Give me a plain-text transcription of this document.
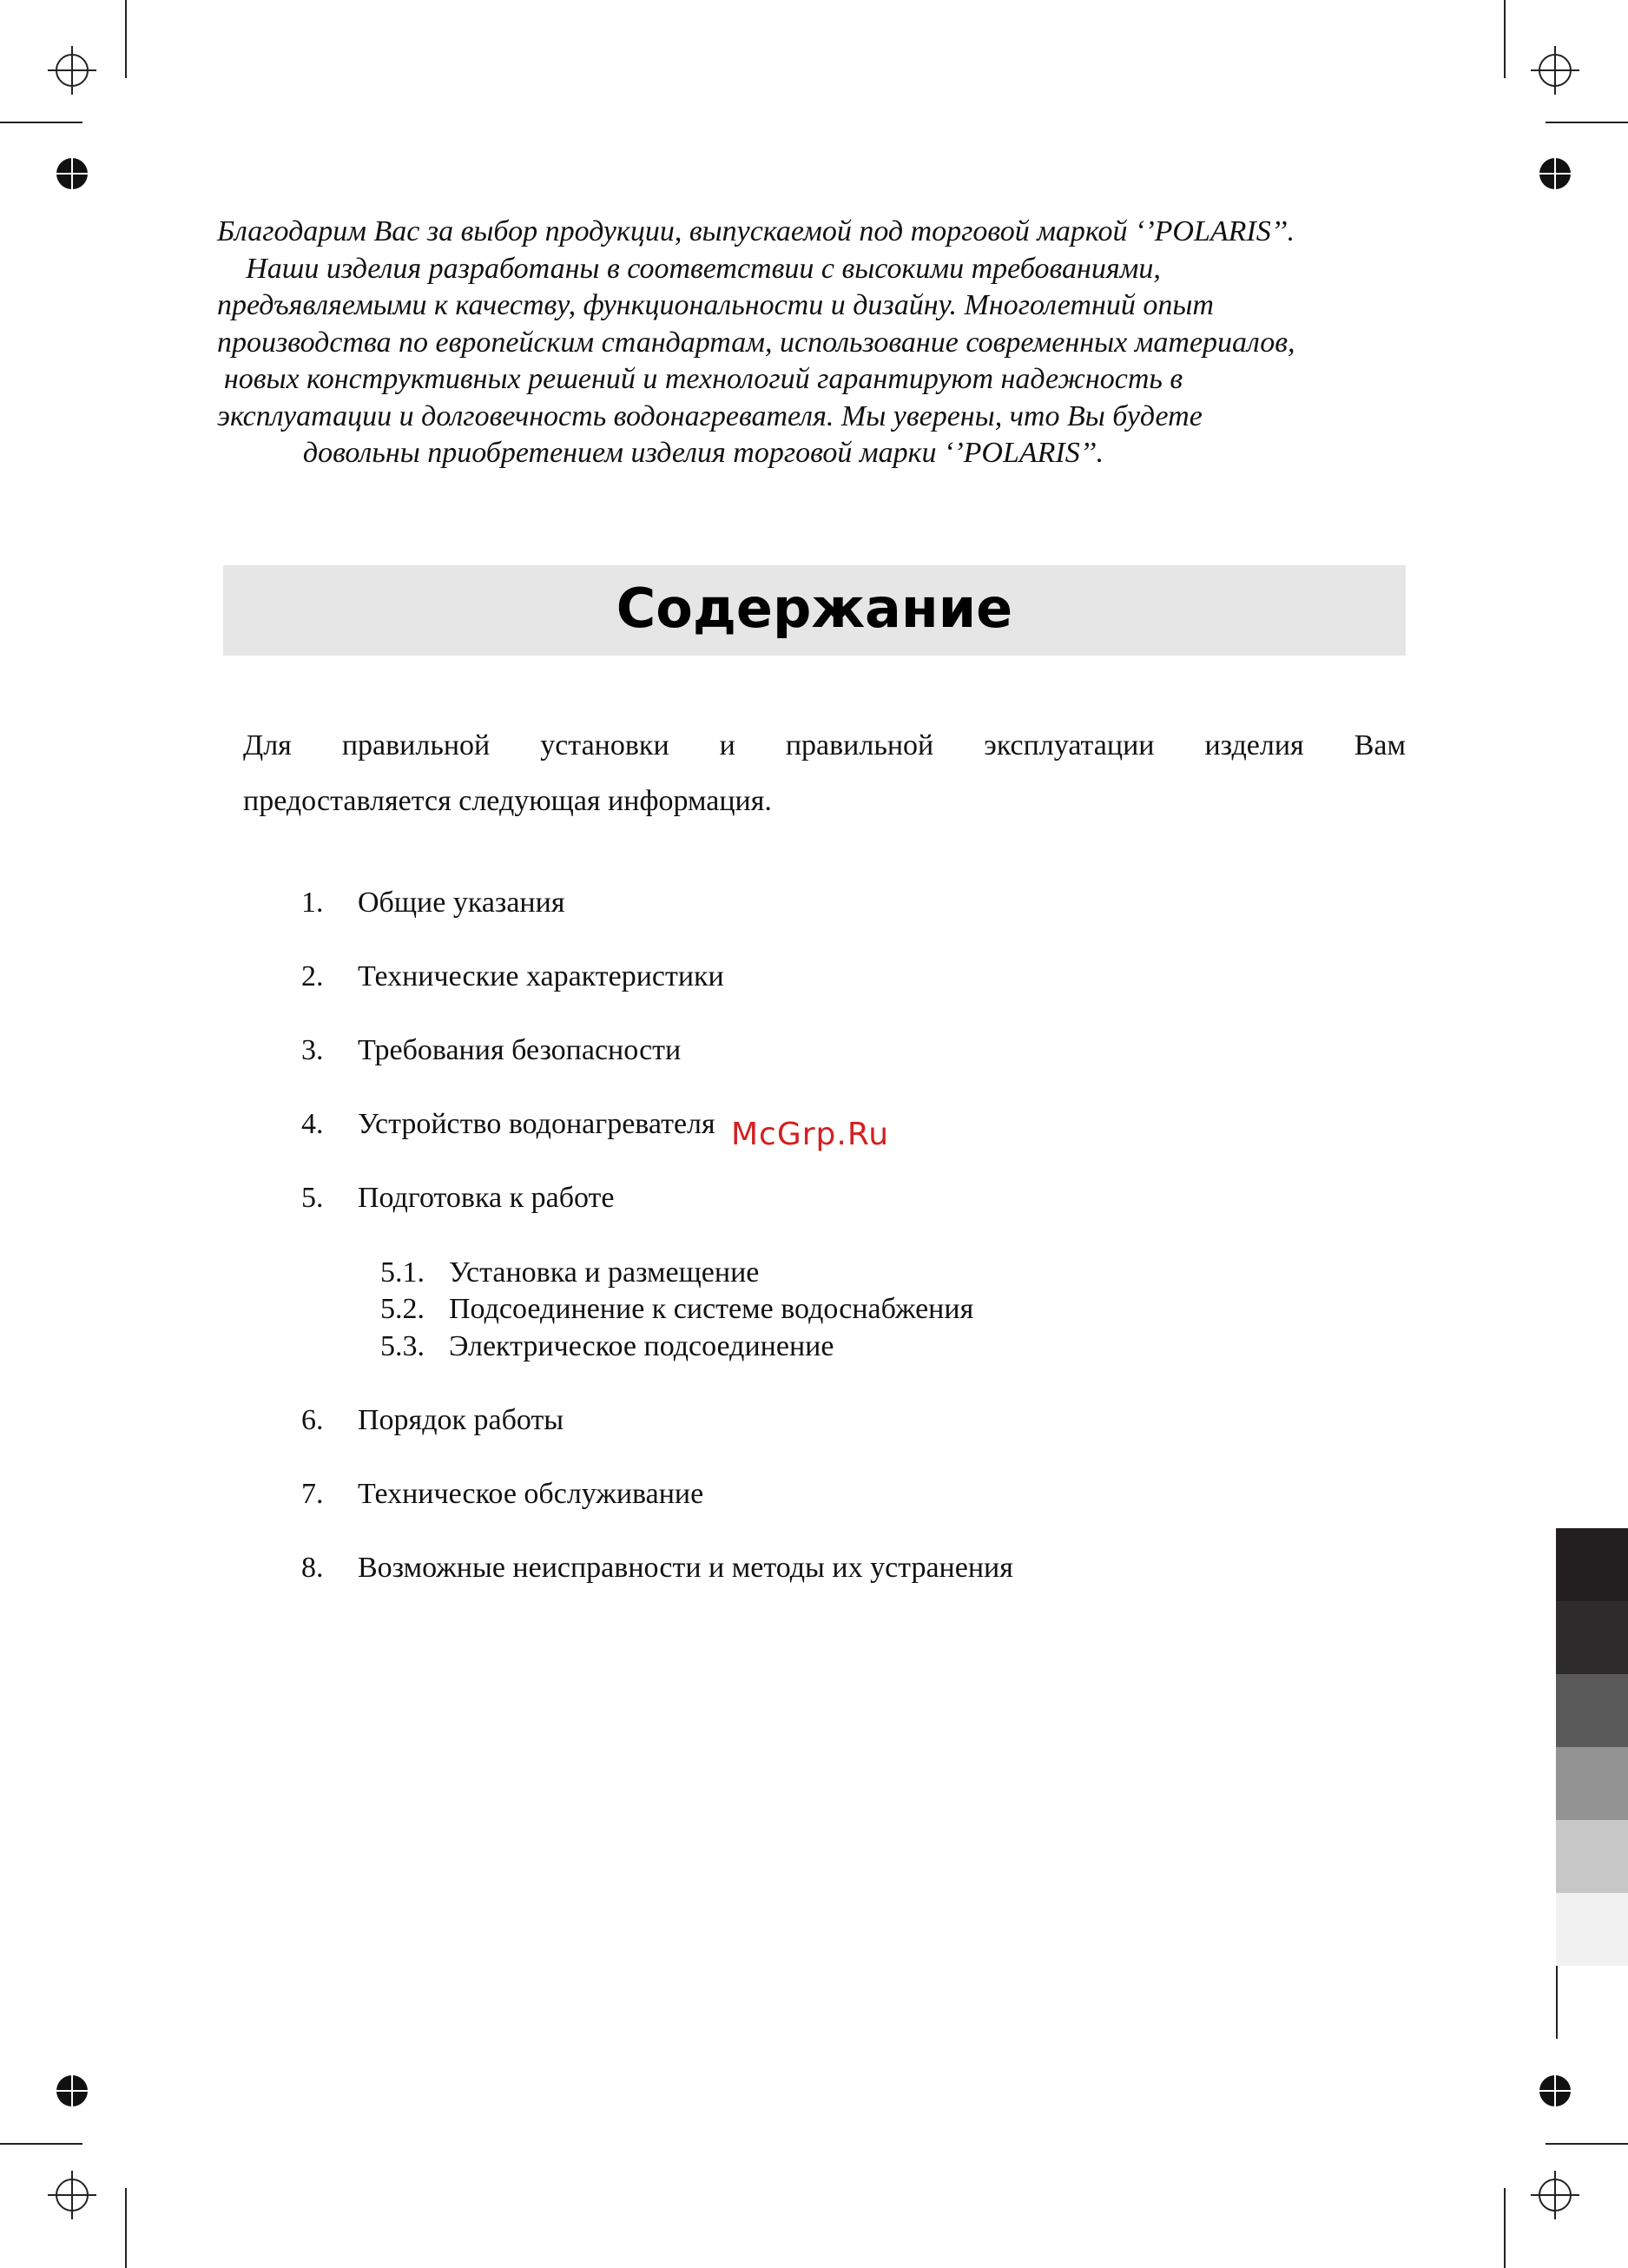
Благодарим Вас за выбор продукции, выпускаемой под торговой маркой ‘’POLARIS’’.
Наши изделия разработаны в соответствии с высокими требованиями,
предъявляемыми к качеству, функциональности и дизайну. Многолетний опыт
производства по европейским стандартам, использование современных материалов,
новых конструктивных решений и технологий гарантируют надежность в
эксплуатации и долговечность водонагревателя. Мы уверены, что Вы будете
довольны приобретением изделия торговой марки ‘’POLARIS’’.
Содержание
Для правильной установки и правильной эксплуатации изделия Вам
предоставляется следующая информация.
1. Общие указания
2. Технические характеристики
3. Требования безопасности
4. Устройство водонагревателя
5. Подготовка к работе
5.1. Установка и размещение
5.2. Подсоединение к системе водоснабжения
5.3. Электрическое подсоединение
6. Порядок работы
7. Техническое обслуживание
8. Возможные неисправности и методы их устранения
McGrp.Ru
